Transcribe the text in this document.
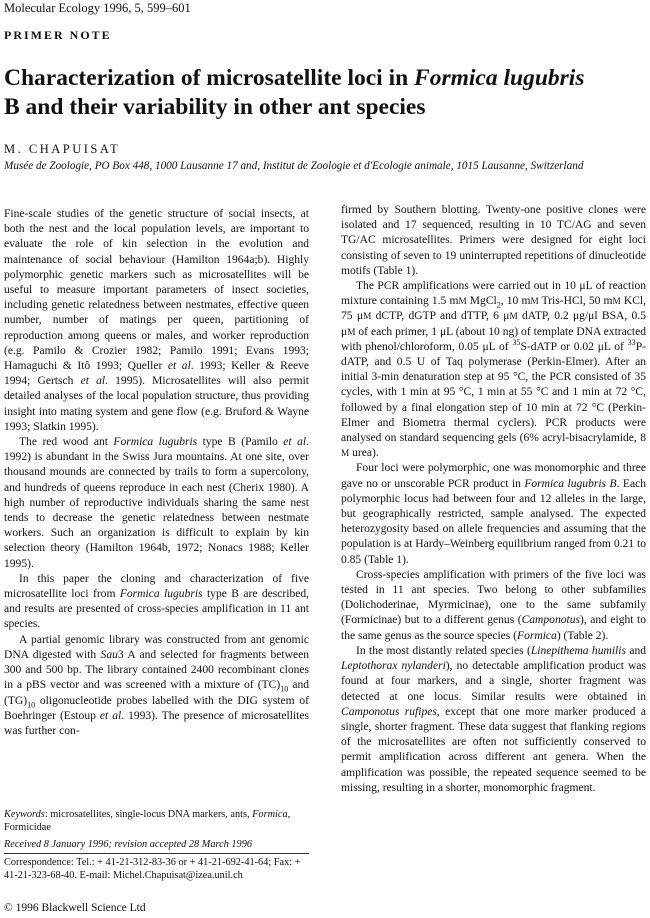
Molecular Ecology 1996, 5, 599–601
PRIMER NOTE
Characterization of microsatellite loci in Formica lugubris
B and their variability in other ant species
M. CHAPUISAT
Musée de Zoologie, PO Box 448, 1000 Lausanne 17 and, Institut de Zoologie et d'Ecologie animale, 1015 Lausanne, Switzerland

Fine-scale studies of the genetic structure of social insects, at both the nest and the local population levels, are important to evaluate the role of kin selection in the evolution and maintenance of social behaviour (Hamilton 1964a;b). Highly polymorphic genetic markers such as microsatellites will be useful to measure important parameters of insect societies, including genetic relatedness between nestmates, effective queen number, number of matings per queen, partitioning of reproduction among queens or males, and worker reproduction (e.g. Pamilo & Crozier 1982; Pamilo 1991; Evans 1993; Hamaguchi & Itô 1993; Queller et al. 1993; Keller & Reeve 1994; Gertsch et al. 1995). Microsatellites will also permit detailed analyses of the local population structure, thus providing insight into mating system and gene flow (e.g. Bruford & Wayne 1993; Slatkin 1995).

The red wood ant Formica lugubris type B (Pamilo et al. 1992) is abundant in the Swiss Jura mountains. At one site, over thousand mounds are connected by trails to form a supercolony, and hundreds of queens reproduce in each nest (Cherix 1980). A high number of reproductive individuals sharing the same nest tends to decrease the genetic relatedness between nestmate workers. Such an organization is difficult to explain by kin selection theory (Hamilton 1964b, 1972; Nonacs 1988; Keller 1995).

In this paper the cloning and characterization of five microsatellite loci from Formica lugubris type B are described, and results are presented of cross-species amplification in 11 ant species.

A partial genomic library was constructed from ant genomic DNA digested with Sau3 A and selected for fragments between 300 and 500 bp. The library contained 2400 recombinant clones in a pBS vector and was screened with a mixture of $(TC)_{10}$ and $(TG)_{10}$ oligonucleotide probes labelled with the DIG system of Boehringer (Estoup et al. 1993). The presence of microsatellites was further con-

firmed by Southern blotting. Twenty-one positive clones were isolated and 17 sequenced, resulting in 10 TC/AG and seven TG/AC microsatellites. Primers were designed for eight loci consisting of seven to 19 uninterrupted repetitions of dinucleotide motifs (Table 1).

The PCR amplifications were carried out in 10 μL of reaction mixture containing 1.5 mM MgCl$_2$, 10 mM Tris-HCl, 50 mM KCl, 75 μM dCTP, dGTP and dTTP, 6 μM dATP, 0.2 μg/μl BSA, 0.5 μM of each primer, 1 μL (about 10 ng) of template DNA extracted with phenol/chloroform, 0.05 μL of $^{35}$S-dATP or 0.02 μL of $^{33}$P-dATP, and 0.5 U of Taq polymerase (Perkin-Elmer). After an initial 3-min denaturation step at 95 °C, the PCR consisted of 35 cycles, with 1 min at 95 °C, 1 min at 55 °C and 1 min at 72 °C, followed by a final elongation step of 10 min at 72 °C (Perkin-Elmer and Biometra thermal cyclers). PCR products were analysed on standard sequencing gels (6% acryl-bisacrylamide, 8 M urea).

Four loci were polymorphic, one was monomorphic and three gave no or unscorable PCR product in Formica lugubris B. Each polymorphic locus had between four and 12 alleles in the large, but geographically restricted, sample analysed. The expected heterozygosity based on allele frequencies and assuming that the population is at Hardy–Weinberg equilibrium ranged from 0.21 to 0.85 (Table 1).

Cross-species amplification with primers of the five loci was tested in 11 ant species. Two belong to other subfamilies (Dolichoderinae, Myrmicinae), one to the same subfamily (Formicinae) but to a different genus (Camponotus), and eight to the same genus as the source species (Formica) (Table 2).

In the most distantly related species (Linepithema humilis and Leptothorax nylanderi), no detectable amplification product was found at four markers, and a single, shorter fragment was detected at one locus. Similar results were obtained in Camponotus rufipes, except that one more marker produced a single, shorter fragment. These data suggest that flanking regions of the microsatellites are often not sufficiently conserved to permit amplification across different ant genera. When the amplification was possible, the repeated sequence seemed to be missing, resulting in a shorter, monomorphic fragment.

Keywords: microsatellites, single-locus DNA markers, ants, Formica, Formicidae
Received 8 January 1996; revision accepted 28 March 1996
Correspondence: Tel.: + 41-21-312-83-36 or + 41-21-692-41-64; Fax: + 41-21-323-68-40. E-mail: Michel.Chapuisat@izea.unil.ch
© 1996 Blackwell Science Ltd
